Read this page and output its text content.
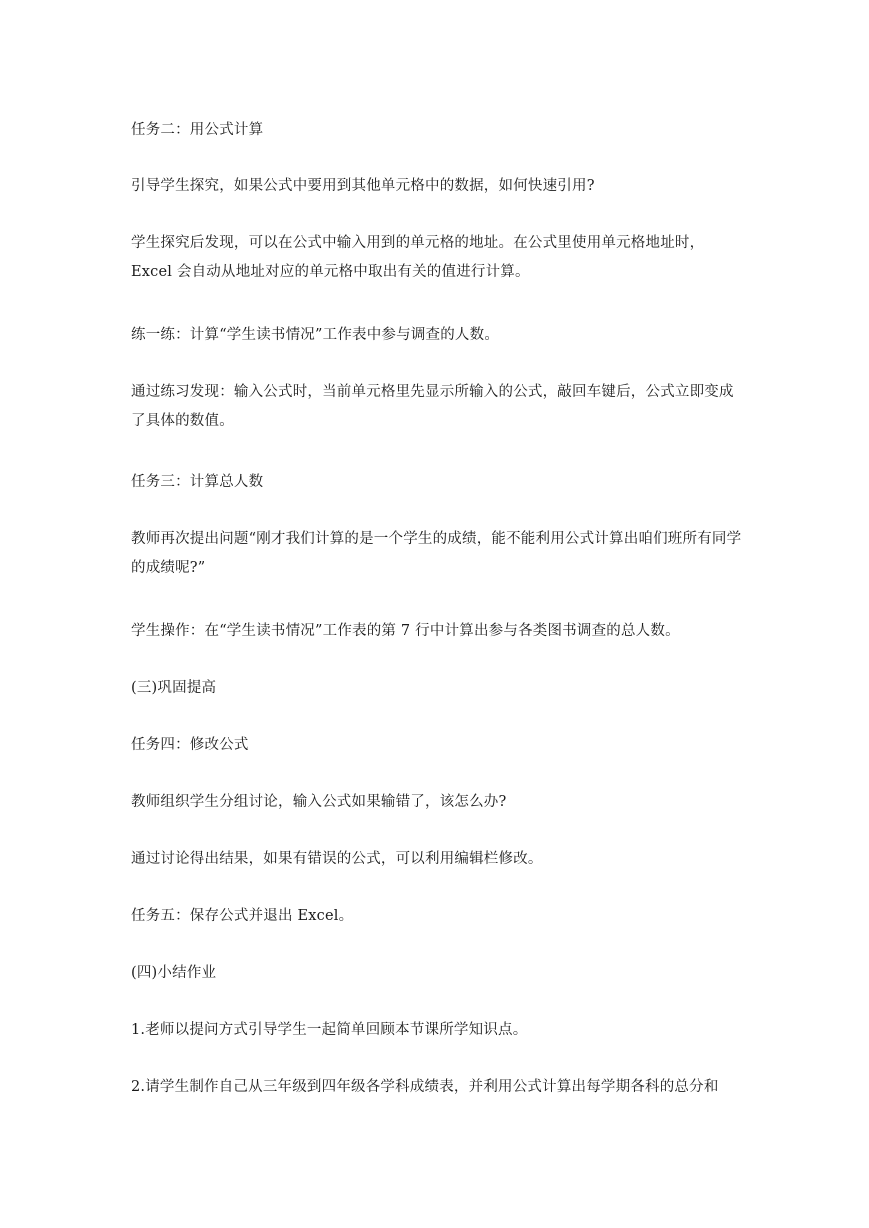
任务二：用公式计算

引导学生探究，如果公式中要用到其他单元格中的数据，如何快速引用?

学生探究后发现，可以在公式中输入用到的单元格的地址。在公式里使用单元格地址时，Excel 会自动从地址对应的单元格中取出有关的值进行计算。

练一练：计算“学生读书情况”工作表中参与调查的人数。

通过练习发现：输入公式时，当前单元格里先显示所输入的公式，敲回车键后，公式立即变成了具体的数值。

任务三：计算总人数

教师再次提出问题“刚才我们计算的是一个学生的成绩，能不能利用公式计算出咱们班所有同学的成绩呢?”

学生操作：在“学生读书情况”工作表的第 7 行中计算出参与各类图书调查的总人数。

(三)巩固提高

任务四：修改公式

教师组织学生分组讨论，输入公式如果输错了，该怎么办?

通过讨论得出结果，如果有错误的公式，可以利用编辑栏修改。

任务五：保存公式并退出 Excel。

(四)小结作业

1.老师以提问方式引导学生一起简单回顾本节课所学知识点。

2.请学生制作自己从三年级到四年级各学科成绩表，并利用公式计算出每学期各科的总分和
